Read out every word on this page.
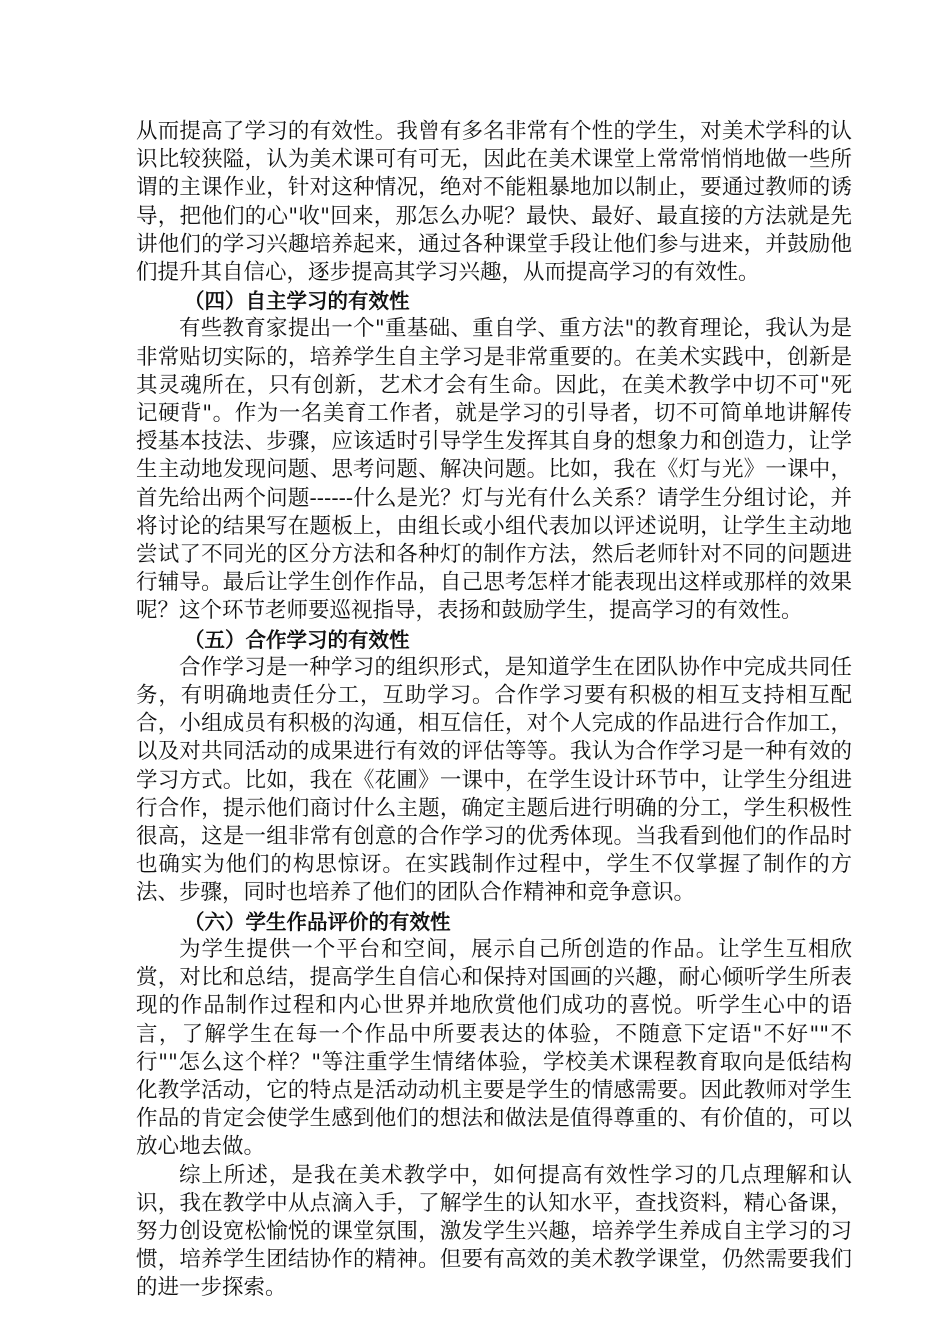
从而提高了学习的有效性。我曾有多名非常有个性的学生，对美术学科的认识比较狭隘，认为美术课可有可无，因此在美术课堂上常常悄悄地做一些所谓的主课作业，针对这种情况，绝对不能粗暴地加以制止，要通过教师的诱导，把他们的心"收"回来，那怎么办呢？最快、最好、最直接的方法就是先讲他们的学习兴趣培养起来，通过各种课堂手段让他们参与进来，并鼓励他们提升其自信心，逐步提高其学习兴趣，从而提高学习的有效性。

（四）自主学习的有效性

有些教育家提出一个"重基础、重自学、重方法"的教育理论，我认为是非常贴切实际的，培养学生自主学习是非常重要的。在美术实践中，创新是其灵魂所在，只有创新，艺术才会有生命。因此，在美术教学中切不可"死记硬背"。作为一名美育工作者，就是学习的引导者，切不可简单地讲解传授基本技法、步骤，应该适时引导学生发挥其自身的想象力和创造力，让学生主动地发现问题、思考问题、解决问题。比如，我在《灯与光》一课中，首先给出两个问题------什么是光？灯与光有什么关系？请学生分组讨论，并将讨论的结果写在题板上，由组长或小组代表加以评述说明，让学生主动地尝试了不同光的区分方法和各种灯的制作方法，然后老师针对不同的问题进行辅导。最后让学生创作作品，自己思考怎样才能表现出这样或那样的效果呢？这个环节老师要巡视指导，表扬和鼓励学生，提高学习的有效性。

（五）合作学习的有效性

合作学习是一种学习的组织形式，是知道学生在团队协作中完成共同任务，有明确地责任分工，互助学习。合作学习要有积极的相互支持相互配合，小组成员有积极的沟通，相互信任，对个人完成的作品进行合作加工，以及对共同活动的成果进行有效的评估等等。我认为合作学习是一种有效的学习方式。比如，我在《花圃》一课中，在学生设计环节中，让学生分组进行合作，提示他们商讨什么主题，确定主题后进行明确的分工，学生积极性很高，这是一组非常有创意的合作学习的优秀体现。当我看到他们的作品时也确实为他们的构思惊讶。在实践制作过程中，学生不仅掌握了制作的方法、步骤，同时也培养了他们的团队合作精神和竞争意识。

（六）学生作品评价的有效性

为学生提供一个平台和空间，展示自己所创造的作品。让学生互相欣赏，对比和总结，提高学生自信心和保持对国画的兴趣，耐心倾听学生所表现的作品制作过程和内心世界并地欣赏他们成功的喜悦。听学生心中的语言，了解学生在每一个作品中所要表达的体验，不随意下定语"不好""不行""怎么这个样？"等注重学生情绪体验，学校美术课程教育取向是低结构化教学活动，它的特点是活动动机主要是学生的情感需要。因此教师对学生作品的肯定会使学生感到他们的想法和做法是值得尊重的、有价值的，可以放心地去做。

综上所述，是我在美术教学中，如何提高有效性学习的几点理解和认识，我在教学中从点滴入手，了解学生的认知水平，查找资料，精心备课，努力创设宽松愉悦的课堂氛围，激发学生兴趣，培养学生养成自主学习的习惯，培养学生团结协作的精神。但要有高效的美术教学课堂，仍然需要我们的进一步探索。
